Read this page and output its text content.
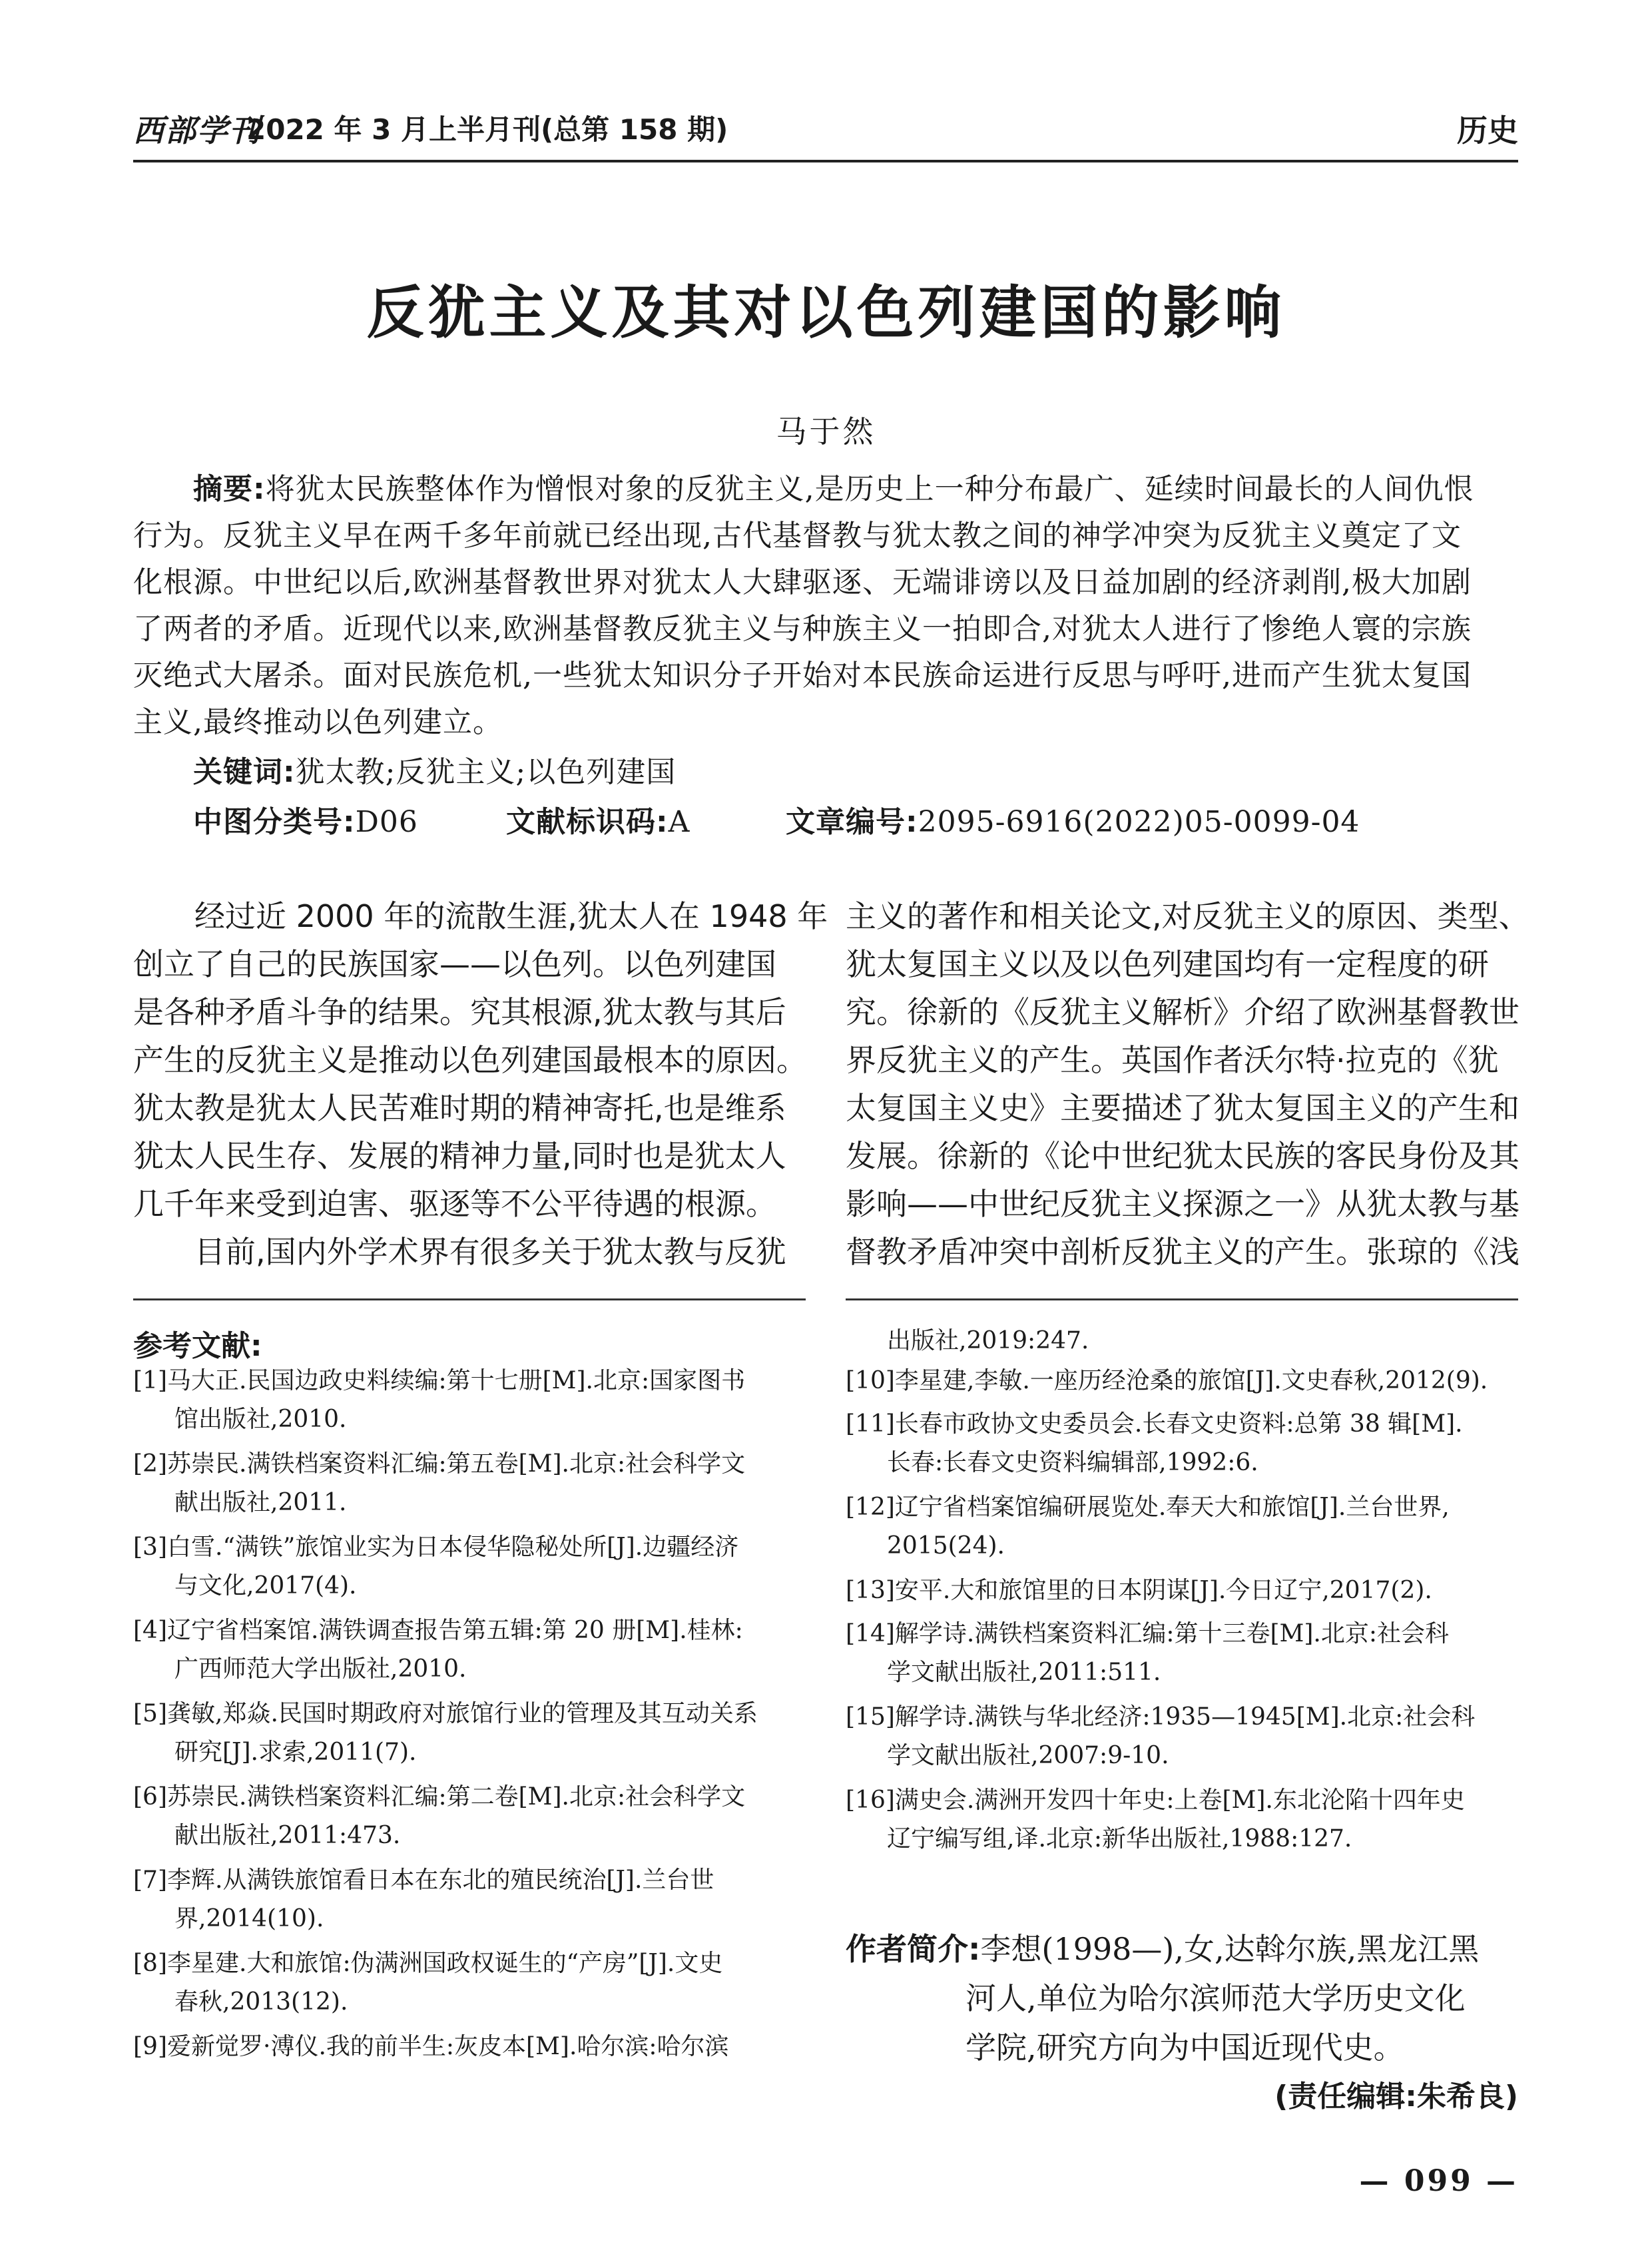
西部学刊
2022 年 3 月上半月刊(总第 158 期)	历史
反犹主义及其对以色列建国的影响
马于然
摘要:将犹太民族整体作为憎恨对象的反犹主义,是历史上一种分布最广、延续时间最长的人间仇恨
行为。反犹主义早在两千多年前就已经出现,古代基督教与犹太教之间的神学冲突为反犹主义奠定了文
化根源。中世纪以后,欧洲基督教世界对犹太人大肆驱逐、无端诽谤以及日益加剧的经济剥削,极大加剧
了两者的矛盾。近现代以来,欧洲基督教反犹主义与种族主义一拍即合,对犹太人进行了惨绝人寰的宗族
灭绝式大屠杀。面对民族危机,一些犹太知识分子开始对本民族命运进行反思与呼吁,进而产生犹太复国
主义,最终推动以色列建立。
关键词:犹太教;反犹主义;以色列建国
中图分类号:D06	文献标识码:A	文章编号:2095-6916(2022)05-0099-04
经过近 2000 年的流散生涯,犹太人在 1948 年
创立了自己的民族国家——以色列。以色列建国
是各种矛盾斗争的结果。究其根源,犹太教与其后
产生的反犹主义是推动以色列建国最根本的原因。
犹太教是犹太人民苦难时期的精神寄托,也是维系
犹太人民生存、发展的精神力量,同时也是犹太人
几千年来受到迫害、驱逐等不公平待遇的根源。
目前,国内外学术界有很多关于犹太教与反犹
主义的著作和相关论文,对反犹主义的原因、类型、
犹太复国主义以及以色列建国均有一定程度的研
究。徐新的《反犹主义解析》介绍了欧洲基督教世
界反犹主义的产生。英国作者沃尔特·拉克的《犹
太复国主义史》主要描述了犹太复国主义的产生和
发展。徐新的《论中世纪犹太民族的客民身份及其
影响——中世纪反犹主义探源之一》从犹太教与基
督教矛盾冲突中剖析反犹主义的产生。张琼的《浅
参考文献:
[1]马大正.民国边政史料续编:第十七册[M].北京:国家图书
馆出版社,2010.
[2]苏崇民.满铁档案资料汇编:第五卷[M].北京:社会科学文
献出版社,2011.
[3]白雪.“满铁”旅馆业实为日本侵华隐秘处所[J].边疆经济
与文化,2017(4).
[4]辽宁省档案馆.满铁调查报告第五辑:第 20 册[M].桂林:
广西师范大学出版社,2010.
[5]龚敏,郑焱.民国时期政府对旅馆行业的管理及其互动关系
研究[J].求索,2011(7).
[6]苏崇民.满铁档案资料汇编:第二卷[M].北京:社会科学文
献出版社,2011:473.
[7]李辉.从满铁旅馆看日本在东北的殖民统治[J].兰台世
界,2014(10).
[8]李星建.大和旅馆:伪满洲国政权诞生的“产房”[J].文史
春秋,2013(12).
[9]爱新觉罗·溥仪.我的前半生:灰皮本[M].哈尔滨:哈尔滨
出版社,2019:247.
[10]李星建,李敏.一座历经沧桑的旅馆[J].文史春秋,2012(9).
[11]长春市政协文史委员会.长春文史资料:总第 38 辑[M].
长春:长春文史资料编辑部,1992:6.
[12]辽宁省档案馆编研展览处.奉天大和旅馆[J].兰台世界,
2015(24).
[13]安平.大和旅馆里的日本阴谋[J].今日辽宁,2017(2).
[14]解学诗.满铁档案资料汇编:第十三卷[M].北京:社会科
学文献出版社,2011:511.
[15]解学诗.满铁与华北经济:1935—1945[M].北京:社会科
学文献出版社,2007:9-10.
[16]满史会.满洲开发四十年史:上卷[M].东北沦陷十四年史
辽宁编写组,译.北京:新华出版社,1988:127.
作者简介:李想(1998—),女,达斡尔族,黑龙江黑
河人,单位为哈尔滨师范大学历史文化
学院,研究方向为中国近现代史。
(责任编辑:朱希良)
— 099 —
